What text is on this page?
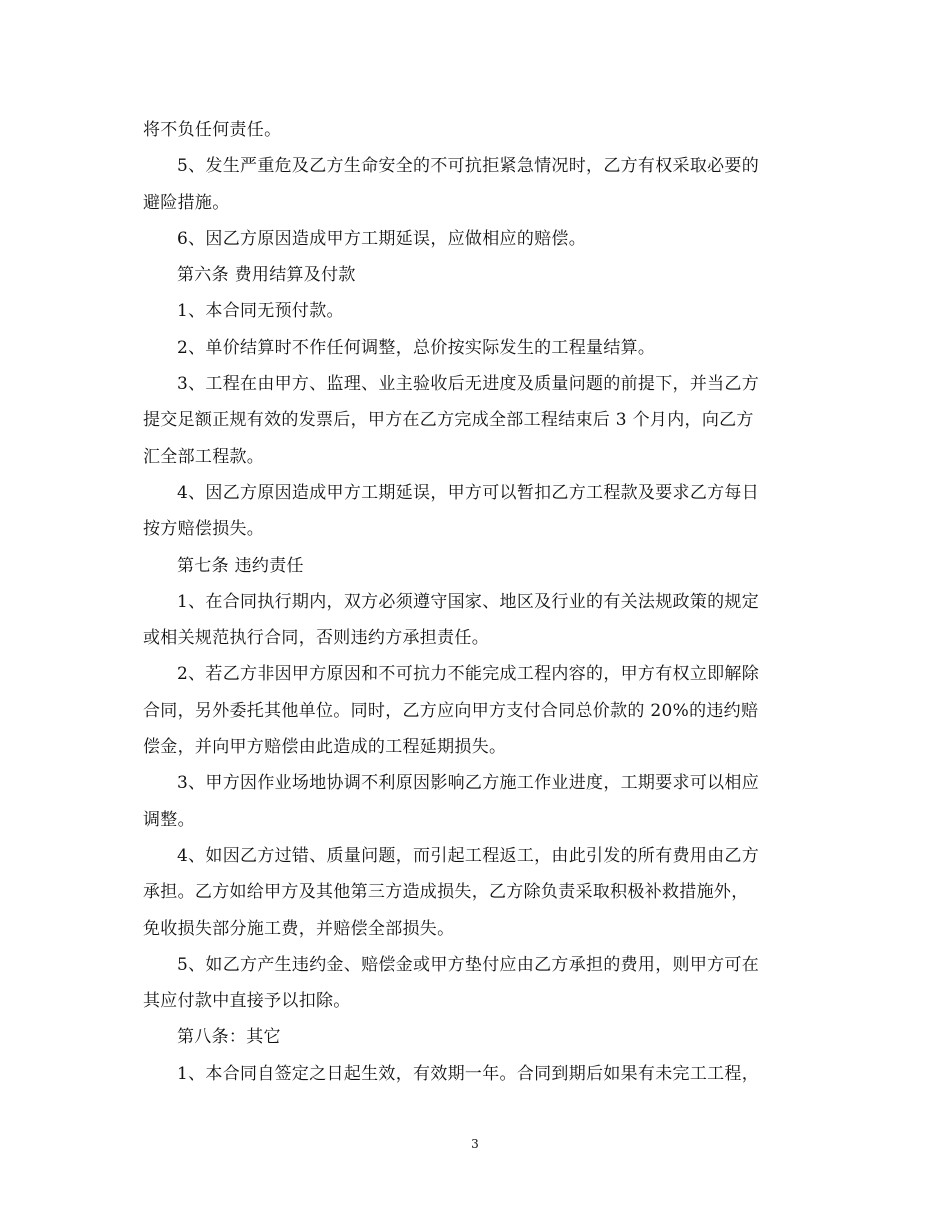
将不负任何责任。
5、发生严重危及乙方生命安全的不可抗拒紧急情况时，乙方有权采取必要的
避险措施。
6、因乙方原因造成甲方工期延误，应做相应的赔偿。
第六条 费用结算及付款
1、本合同无预付款。
2、单价结算时不作任何调整，总价按实际发生的工程量结算。
3、工程在由甲方、监理、业主验收后无进度及质量问题的前提下，并当乙方
提交足额正规有效的发票后，甲方在乙方完成全部工程结束后 3 个月内，向乙方
汇全部工程款。
4、因乙方原因造成甲方工期延误，甲方可以暂扣乙方工程款及要求乙方每日
按方赔偿损失。
第七条 违约责任
1、在合同执行期内，双方必须遵守国家、地区及行业的有关法规政策的规定
或相关规范执行合同，否则违约方承担责任。
2、若乙方非因甲方原因和不可抗力不能完成工程内容的，甲方有权立即解除
合同，另外委托其他单位。同时，乙方应向甲方支付合同总价款的 20%的违约赔
偿金，并向甲方赔偿由此造成的工程延期损失。
3、甲方因作业场地协调不利原因影响乙方施工作业进度，工期要求可以相应
调整。
4、如因乙方过错、质量问题，而引起工程返工，由此引发的所有费用由乙方
承担。乙方如给甲方及其他第三方造成损失，乙方除负责采取积极补救措施外，
免收损失部分施工费，并赔偿全部损失。
5、如乙方产生违约金、赔偿金或甲方垫付应由乙方承担的费用，则甲方可在
其应付款中直接予以扣除。
第八条：其它
1、本合同自签定之日起生效，有效期一年。合同到期后如果有未完工工程，
3
